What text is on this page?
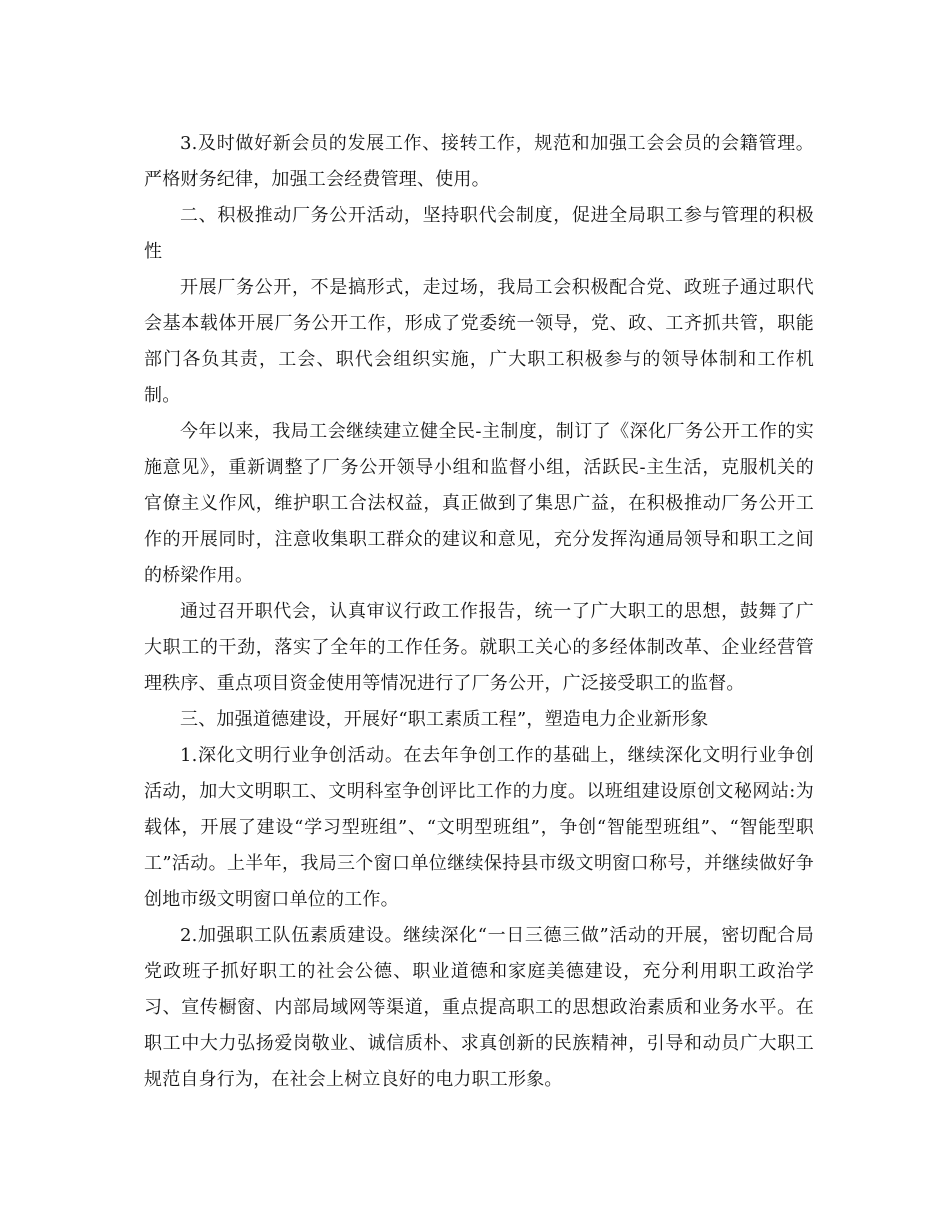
3.及时做好新会员的发展工作、接转工作，规范和加强工会会员的会籍管理。严格财务纪律，加强工会经费管理、使用。

二、积极推动厂务公开活动，坚持职代会制度，促进全局职工参与管理的积极性

开展厂务公开，不是搞形式，走过场，我局工会积极配合党、政班子通过职代会基本载体开展厂务公开工作，形成了党委统一领导，党、政、工齐抓共管，职能部门各负其责，工会、职代会组织实施，广大职工积极参与的领导体制和工作机制。

今年以来，我局工会继续建立健全民-主制度，制订了《深化厂务公开工作的实施意见》，重新调整了厂务公开领导小组和监督小组，活跃民-主生活，克服机关的官僚主义作风，维护职工合法权益，真正做到了集思广益，在积极推动厂务公开工作的开展同时，注意收集职工群众的建议和意见，充分发挥沟通局领导和职工之间的桥梁作用。

通过召开职代会，认真审议行政工作报告，统一了广大职工的思想，鼓舞了广大职工的干劲，落实了全年的工作任务。就职工关心的多经体制改革、企业经营管理秩序、重点项目资金使用等情况进行了厂务公开，广泛接受职工的监督。

三、加强道德建设，开展好“职工素质工程”，塑造电力企业新形象

1.深化文明行业争创活动。在去年争创工作的基础上，继续深化文明行业争创活动，加大文明职工、文明科室争创评比工作的力度。以班组建设原创文秘网站:为载体，开展了建设“学习型班组”、“文明型班组”，争创“智能型班组”、“智能型职工”活动。上半年，我局三个窗口单位继续保持县市级文明窗口称号，并继续做好争创地市级文明窗口单位的工作。

2.加强职工队伍素质建设。继续深化“一日三德三做”活动的开展，密切配合局党政班子抓好职工的社会公德、职业道德和家庭美德建设，充分利用职工政治学习、宣传橱窗、内部局域网等渠道，重点提高职工的思想政治素质和业务水平。在职工中大力弘扬爱岗敬业、诚信质朴、求真创新的民族精神，引导和动员广大职工规范自身行为，在社会上树立良好的电力职工形象。
